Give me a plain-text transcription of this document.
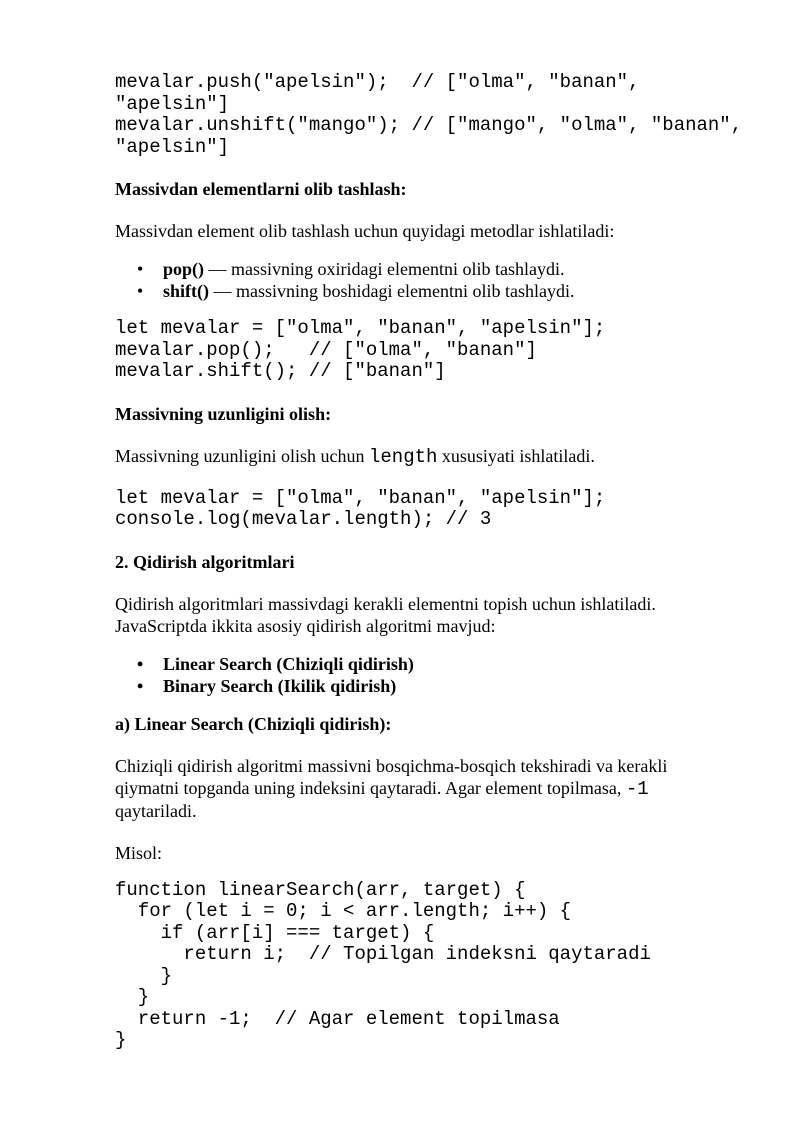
mevalar.push("apelsin");  // ["olma", "banan",
"apelsin"]
mevalar.unshift("mango"); // ["mango", "olma", "banan",
"apelsin"]

Massivdan elementlarni olib tashlash:

Massivdan element olib tashlash uchun quyidagi metodlar ishlatiladi:

• pop() — massivning oxiridagi elementni olib tashlaydi.
• shift() — massivning boshidagi elementni olib tashlaydi.
let mevalar = ["olma", "banan", "apelsin"];
mevalar.pop();   // ["olma", "banan"]
mevalar.shift(); // ["banan"]

Massivning uzunligini olish:

Massivning uzunligini olish uchun length xususiyati ishlatiladi.

let mevalar = ["olma", "banan", "apelsin"];
console.log(mevalar.length); // 3

2. Qidirish algoritmlari

Qidirish algoritmlari massivdagi kerakli elementni topish uchun ishlatiladi.
JavaScriptda ikkita asosiy qidirish algoritmi mavjud:

• Linear Search (Chiziqli qidirish)
• Binary Search (Ikilik qidirish)

a) Linear Search (Chiziqli qidirish):

Chiziqli qidirish algoritmi massivni bosqichma-bosqich tekshiradi va kerakli
qiymatni topganda uning indeksini qaytaradi. Agar element topilmasa, -1
qaytariladi.

Misol:

function linearSearch(arr, target) {
for (let i = 0; i < arr.length; i++) {
if (arr[i] === target) {
return i;  // Topilgan indeksni qaytaradi
}
}
return -1;  // Agar element topilmasa
}
